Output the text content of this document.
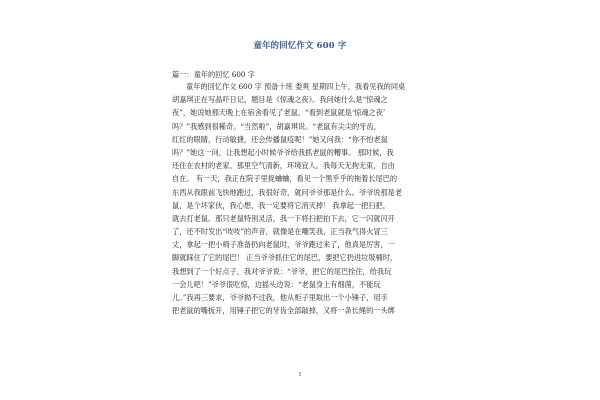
童年的回忆作文 600 字
篇一：童年的回忆 600 字
童年的回忆作文 600 字 预备十班 娄爽 星期四上午，我看见我的同桌
胡嘉琪正在写晶吓日记，题目是《惊魂之夜》。我问她什么是“惊魂之
夜”，她说她那天晚上在宿舍看见了老鼠。“看到老鼠就是‘惊魂之夜’
吗？”我感到很稀奇。“当然啦”，胡嘉琪说。“老鼠有尖尖的牙齿，
红红的眼睛，行动敏捷，还会传播鼠疫呢！”她又问我：“你不怕老鼠
吗？”她这一问，让我想起小时候爷爷给我抓老鼠的糟事。 那时候，我
还住在农村的老家。那里空气清新，环境宜人。我每天无拘无束，自由
自在。 有一天，我正在院子里捉蛐蛐，看见一个黑乎乎的拖着长尾巴的
东西从我眼前飞快地跑过，我很好奇，就问爷爷那是什么。爷爷说那是老
鼠，是个坏家伙，我心想，我一定要将它消灭掉！ 我拿起一把扫把，
就去打老鼠。那只老鼠特别灵活，我一下将扫把拍下去，它一闪就闪开
了，还不时发出“吱吱”的声音，就像是在嘲笑我，正当我气得火冒三
丈，拿起一把小椅子准备扔向老鼠时，爷爷跑过来了，他真是厉害，一
脚就踩住了它的尾巴！ 正当爷爷抓住它的尾巴，要把它扔进垃圾桶时，
我想到了一个好点子，我对爷爷说：“爷爷，把它的尾巴拴住，给我玩
一会儿吧！”爷爷很吃惊，边摇头边说：“老鼠身上有细菌，不能玩
儿。”我再三要求，爷爷拗不过我，他从柜子里取出一个小锤子，用手
把老鼠的嘴扳开，用锤子把它的牙齿全部敲掉，又将一条长绳的一头绑
1
